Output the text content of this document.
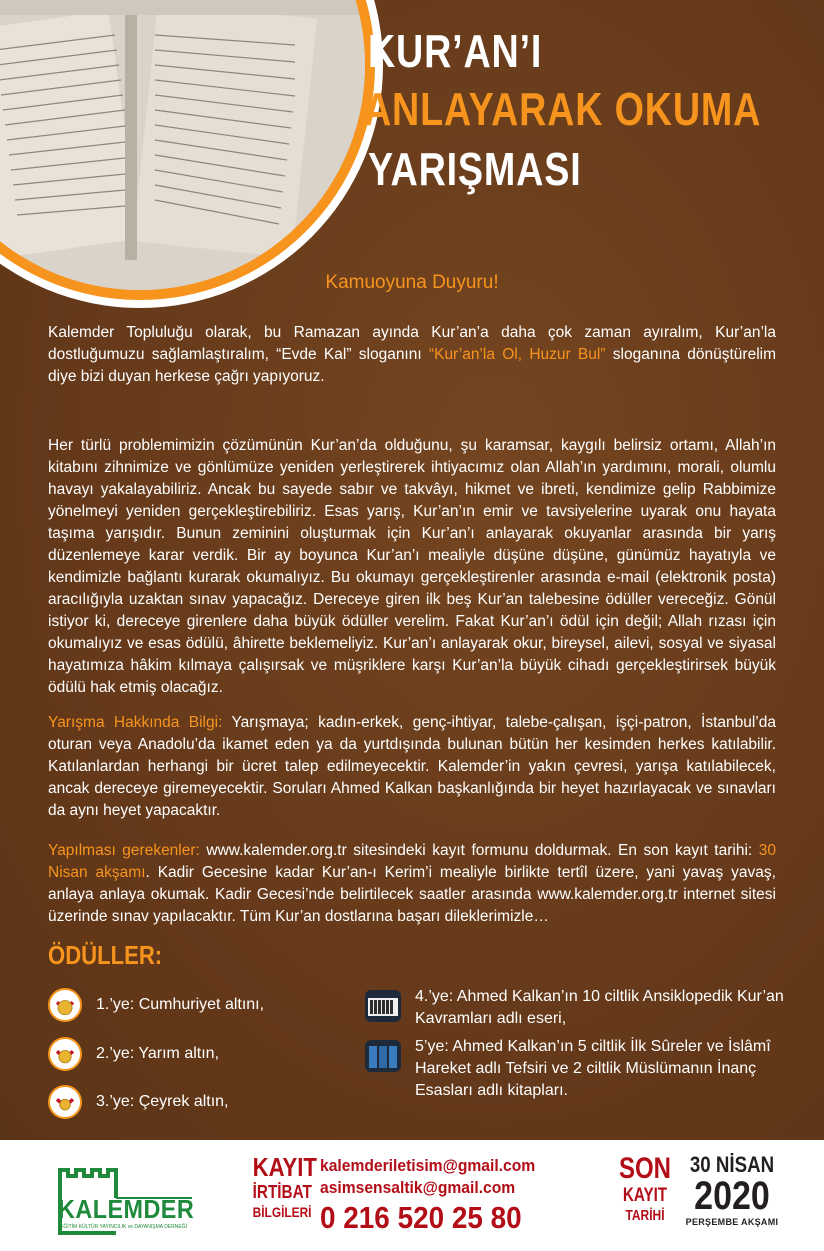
KUR’AN’I
ANLAYARAK OKUMA
YARIŞMASI
Kamuoyuna Duyuru!
Kalemder Topluluğu olarak, bu Ramazan ayında Kur’an’a daha çok zaman ayıralım, Kur’an’la dostluğumuzu sağlamlaştıralım, “Evde Kal” sloganını “Kur’an’la Ol, Huzur Bul” sloganına dönüştürelim diye bizi duyan herkese çağrı yapıyoruz.
Her türlü problemimizin çözümünün Kur’an’da olduğunu, şu karamsar, kaygılı belirsiz ortamı, Allah’ın kitabını zihnimize ve gönlümüze yeniden yerleştirerek ihtiyacımız olan Allah’ın yardımını, morali, olumlu havayı yakalayabiliriz. Ancak bu sayede sabır ve takvâyı, hikmet ve ibreti, kendimize gelip Rabbimize yönelmeyi yeniden gerçekleştirebiliriz. Esas yarış, Kur’an’ın emir ve tavsiyelerine uyarak onu hayata taşıma yarışıdır. Bunun zeminini oluşturmak için Kur’an’ı anlayarak okuyanlar arasında bir yarış düzenlemeye karar verdik. Bir ay boyunca Kur’an’ı mealiyle düşüne düşüne, günümüz hayatıyla ve kendimizle bağlantı kurarak okumalıyız. Bu okumayı gerçekleştirenler arasında e-mail (elektronik posta) aracılığıyla uzaktan sınav yapacağız. Dereceye giren ilk beş Kur’an talebesine ödüller vereceğiz. Gönül istiyor ki, dereceye girenlere daha büyük ödüller verelim. Fakat Kur’an’ı ödül için değil; Allah rızası için okumalıyız ve esas ödülü, âhirette beklemeliyiz. Kur’an’ı anlayarak okur, bireysel, ailevi, sosyal ve siyasal hayatımıza hâkim kılmaya çalışırsak ve müşriklere karşı Kur’an’la büyük cihadı gerçekleştirirsek büyük ödülü hak etmiş olacağız.
Yarışma Hakkında Bilgi: Yarışmaya; kadın-erkek, genç-ihtiyar, talebe-çalışan, işçi-patron, İstanbul’da oturan veya Anadolu’da ikamet eden ya da yurtdışında bulunan bütün her kesimden herkes katılabilir. Katılanlardan herhangi bir ücret talep edilmeyecektir. Kalemder’in yakın çevresi, yarışa katılabilecek, ancak dereceye giremeyecektir. Soruları Ahmed Kalkan başkanlığında bir heyet hazırlayacak ve sınavları da aynı heyet yapacaktır.
Yapılması gerekenler: www.kalemder.org.tr sitesindeki kayıt formunu doldurmak. En son kayıt tarihi: 30 Nisan akşamı. Kadir Gecesine kadar Kur’an-ı Kerim’i mealiyle birlikte tertîl üzere, yani yavaş yavaş, anlaya anlaya okumak. Kadir Gecesi’nde belirtilecek saatler arasında www.kalemder.org.tr internet sitesi üzerinde sınav yapılacaktır. Tüm Kur’an dostlarına başarı dileklerimizle…
ÖDÜLLER:
1.’ye: Cumhuriyet altını,
2.’ye: Yarım altın,
3.’ye: Çeyrek altın,
4.’ye: Ahmed Kalkan’ın 10 ciltlik Ansiklopedik Kur’an Kavramları adlı eseri,
5’ye: Ahmed Kalkan’ın 5 ciltlik İlk Sûreler ve İslâmî Hareket adlı Tefsiri ve 2 ciltlik Müslümanın İnanç Esasları adlı kitapları.
KALEMDER
EĞİTİM KÜLTÜR YAYINCILIK ve DAYANIŞMA DERNEĞİ
KAYIT
İRTİBAT
BİLGİLERİ
kalemderiletisim@gmail.com
asimsensaltik@gmail.com
0 216 520 25 80
SON
KAYIT
TARİHİ
30 NİSAN
2020
PERŞEMBE AKŞAMI
